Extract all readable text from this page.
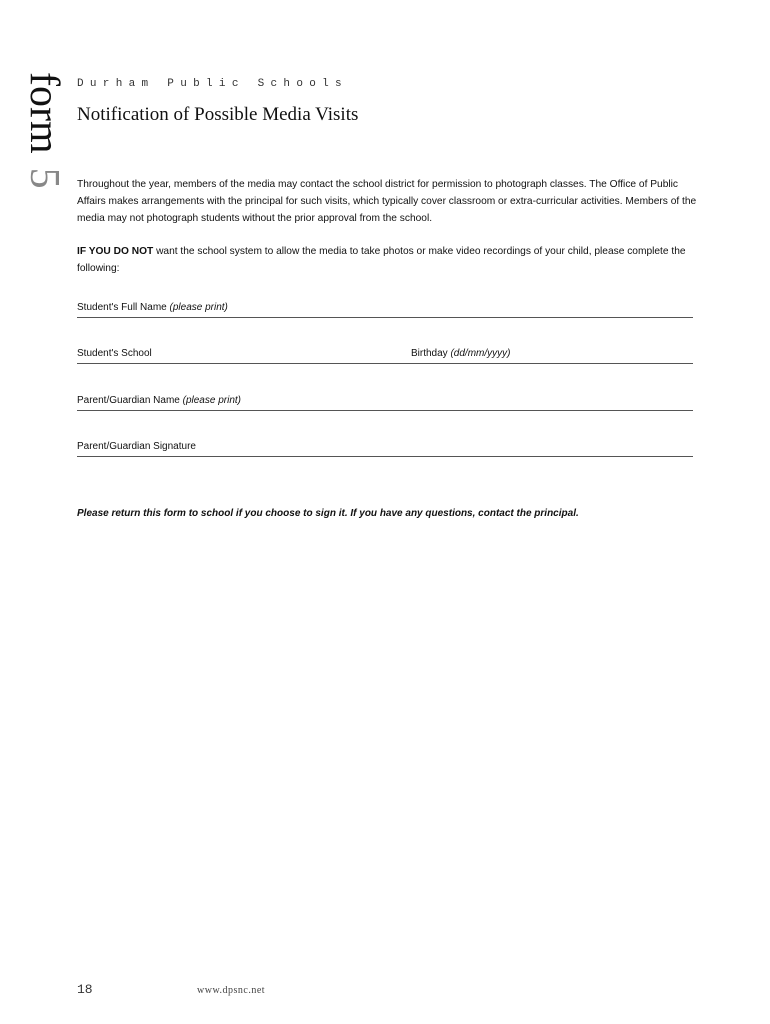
form5
Durham Public Schools
Notification of Possible Media Visits
Throughout the year, members of the media may contact the school district for permission to photograph classes. The Office of Public Affairs makes arrangements with the principal for such visits, which typically cover classroom or extra-curricular activities. Members of the media may not photograph students without the prior approval from the school.
IF YOU DO NOT want the school system to allow the media to take photos or make video recordings of your child, please complete the following:
Student's Full Name (please print)
Student's School	Birthday (dd/mm/yyyy)
Parent/Guardian Name (please print)
Parent/Guardian Signature
Please return this form to school if you choose to sign it. If you have any questions, contact the principal.
18	www.dpsnc.net
